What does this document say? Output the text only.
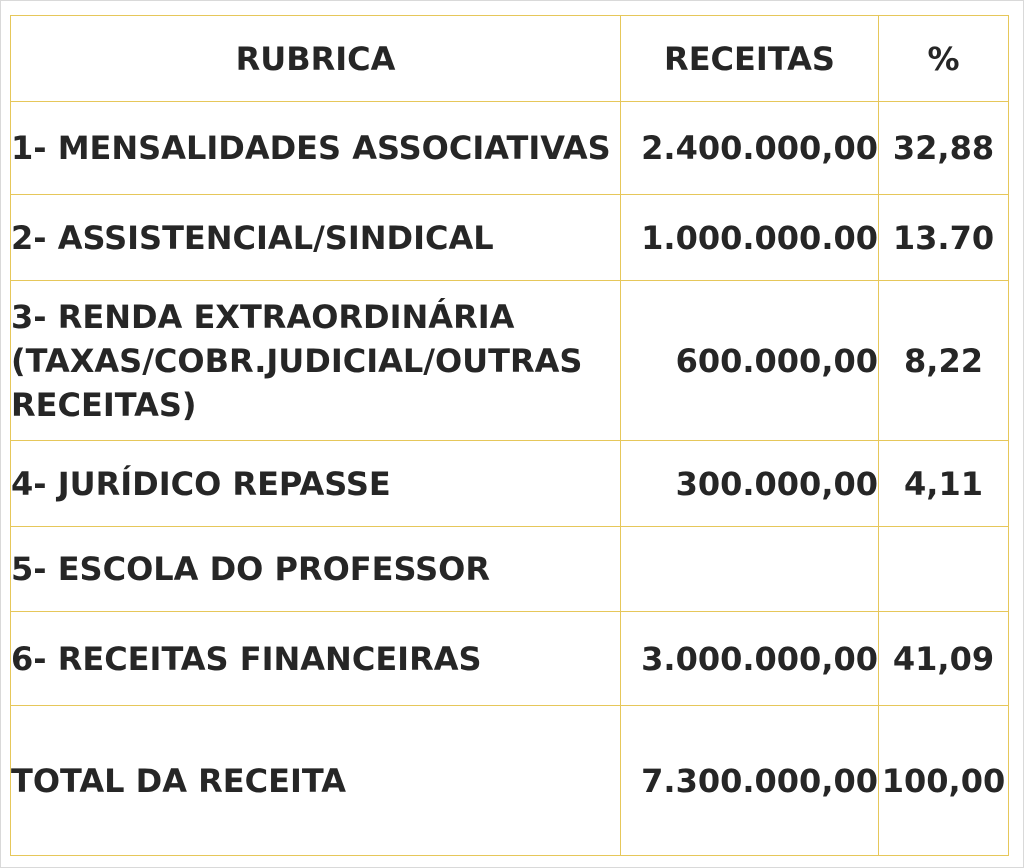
RUBRICA	RECEITAS	%
1- MENSALIDADES ASSOCIATIVAS	2.400.000,00	32,88
2- ASSISTENCIAL/SINDICAL	1.000.000.00	13.70

3- RENDA EXTRAORDINÁRIA
(TAXAS/COBR.JUDICIAL/OUTRAS
RECEITAS)	600.000,00	8,22
4- JURÍDICO REPASSE	300.000,00	4,11
5- ESCOLA DO PROFESSOR		
6- RECEITAS FINANCEIRAS	3.000.000,00	41,09
TOTAL DA RECEITA	7.300.000,00	100,00
